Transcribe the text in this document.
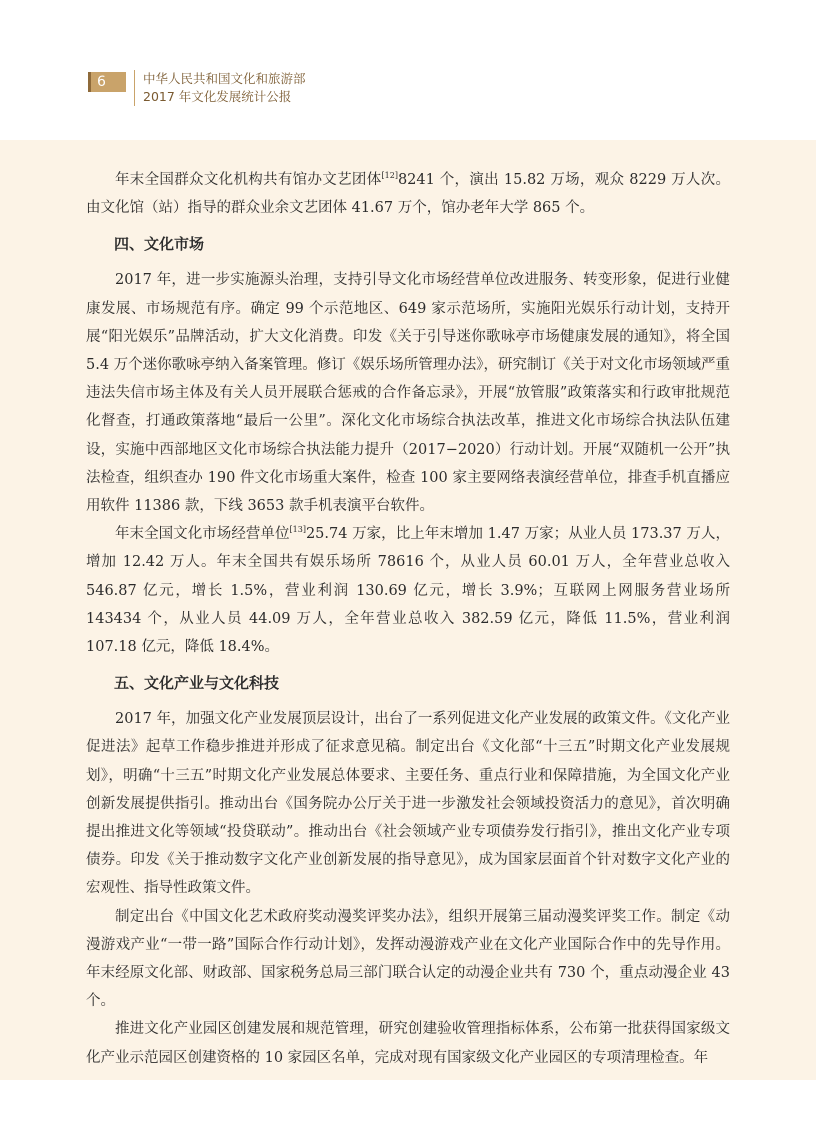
6	中华人民共和国文化和旅游部
2017 年文化发展统计公报

年末全国群众文化机构共有馆办文艺团体[12]8241 个，演出 15.82 万场，观众 8229 万人次。由文化馆（站）指导的群众业余文艺团体 41.67 万个，馆办老年大学 865 个。

四、文化市场

2017 年，进一步实施源头治理，支持引导文化市场经营单位改进服务、转变形象，促进行业健康发展、市场规范有序。确定 99 个示范地区、649 家示范场所，实施阳光娱乐行动计划，支持开展“阳光娱乐”品牌活动，扩大文化消费。印发《关于引导迷你歌咏亭市场健康发展的通知》，将全国 5.4 万个迷你歌咏亭纳入备案管理。修订《娱乐场所管理办法》，研究制订《关于对文化市场领域严重违法失信市场主体及有关人员开展联合惩戒的合作备忘录》，开展“放管服”政策落实和行政审批规范化督查，打通政策落地“最后一公里”。深化文化市场综合执法改革，推进文化市场综合执法队伍建设，实施中西部地区文化市场综合执法能力提升（2017−2020）行动计划。开展“双随机一公开”执法检查，组织查办 190 件文化市场重大案件，检查 100 家主要网络表演经营单位，排查手机直播应用软件 11386 款，下线 3653 款手机表演平台软件。

年末全国文化市场经营单位[13]25.74 万家，比上年末增加 1.47 万家；从业人员 173.37 万人，增加 12.42 万人。年末全国共有娱乐场所 78616 个，从业人员 60.01 万人，全年营业总收入 546.87 亿元，增长 1.5%，营业利润 130.69 亿元，增长 3.9%；互联网上网服务营业场所 143434 个，从业人员 44.09 万人，全年营业总收入 382.59 亿元，降低 11.5%，营业利润 107.18 亿元，降低 18.4%。

五、文化产业与文化科技

2017 年，加强文化产业发展顶层设计，出台了一系列促进文化产业发展的政策文件。《文化产业促进法》起草工作稳步推进并形成了征求意见稿。制定出台《文化部“十三五”时期文化产业发展规划》，明确“十三五”时期文化产业发展总体要求、主要任务、重点行业和保障措施，为全国文化产业创新发展提供指引。推动出台《国务院办公厅关于进一步激发社会领域投资活力的意见》，首次明确提出推进文化等领域“投贷联动”。推动出台《社会领域产业专项债券发行指引》，推出文化产业专项债券。印发《关于推动数字文化产业创新发展的指导意见》，成为国家层面首个针对数字文化产业的宏观性、指导性政策文件。

制定出台《中国文化艺术政府奖动漫奖评奖办法》，组织开展第三届动漫奖评奖工作。制定《动漫游戏产业“一带一路”国际合作行动计划》，发挥动漫游戏产业在文化产业国际合作中的先导作用。年末经原文化部、财政部、国家税务总局三部门联合认定的动漫企业共有 730 个，重点动漫企业 43 个。

推进文化产业园区创建发展和规范管理，研究创建验收管理指标体系，公布第一批获得国家级文化产业示范园区创建资格的 10 家园区名单，完成对现有国家级文化产业园区的专项清理检查。年
